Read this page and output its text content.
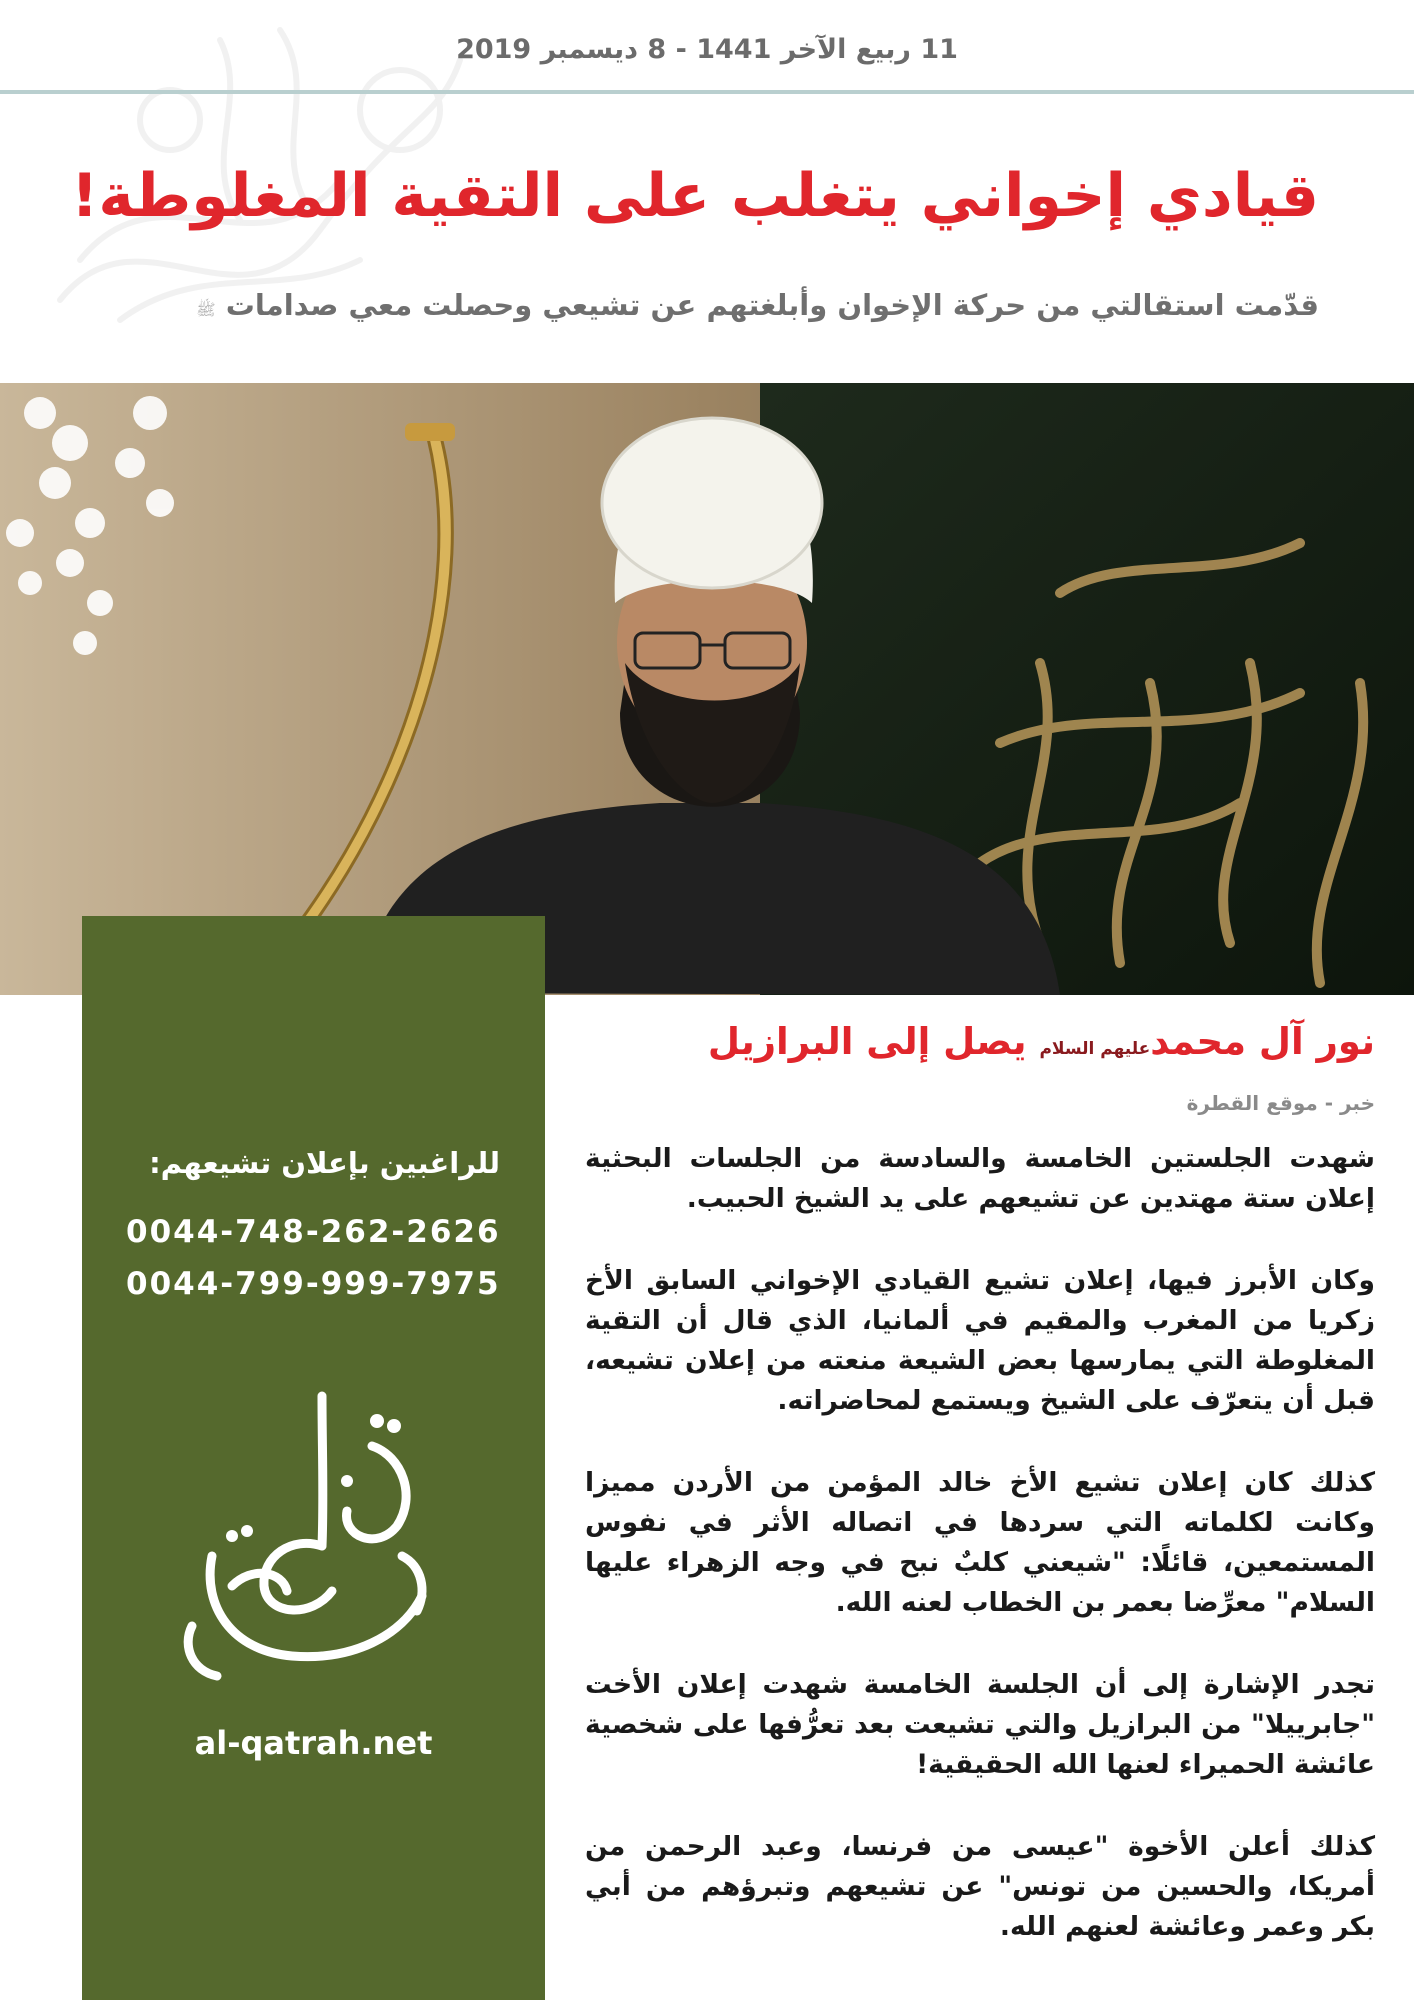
11 ربيع الآخر 1441 - 8 ديسمبر 2019
قيادي إخواني يتغلب على التقية المغلوطة!
قدّمت استقالتي من حركة الإخوان وأبلغتهم عن تشيعي وحصلت معي صدامات ﷺ
للراغبين بإعلان تشيعهم:
0044-748-262-2626
0044-799-999-7975
al-qatrah.net
نور آل محمدعليهم السلام يصل إلى البرازيل
خبر - موقع القطرة

شهدت الجلستين الخامسة والسادسة من الجلسات البحثية إعلان ستة مهتدين عن تشيعهم على يد الشيخ الحبيب.

وكان الأبرز فيها، إعلان تشيع القيادي الإخواني السابق الأخ زكريا من المغرب والمقيم في ألمانيا، الذي قال أن التقية المغلوطة التي يمارسها بعض الشيعة منعته من إعلان تشيعه، قبل أن يتعرّف على الشيخ ويستمع لمحاضراته.

كذلك كان إعلان تشيع الأخ خالد المؤمن من الأردن مميزا وكانت لكلماته التي سردها في اتصاله الأثر في نفوس المستمعين، قائلًا: "شيعني كلبٌ نبح في وجه الزهراء عليها السلام" معرِّضا بعمر بن الخطاب لعنه الله.

تجدر الإشارة إلى أن الجلسة الخامسة شهدت إعلان الأخت "جابرييلا" من البرازيل والتي تشيعت بعد تعرُّفها على شخصية عائشة الحميراء لعنها الله الحقيقية!

كذلك أعلن الأخوة "عيسى من فرنسا، وعبد الرحمن من أمريكا، والحسين من تونس" عن تشيعهم وتبرؤهم من أبي بكر وعمر وعائشة لعنهم الله.
